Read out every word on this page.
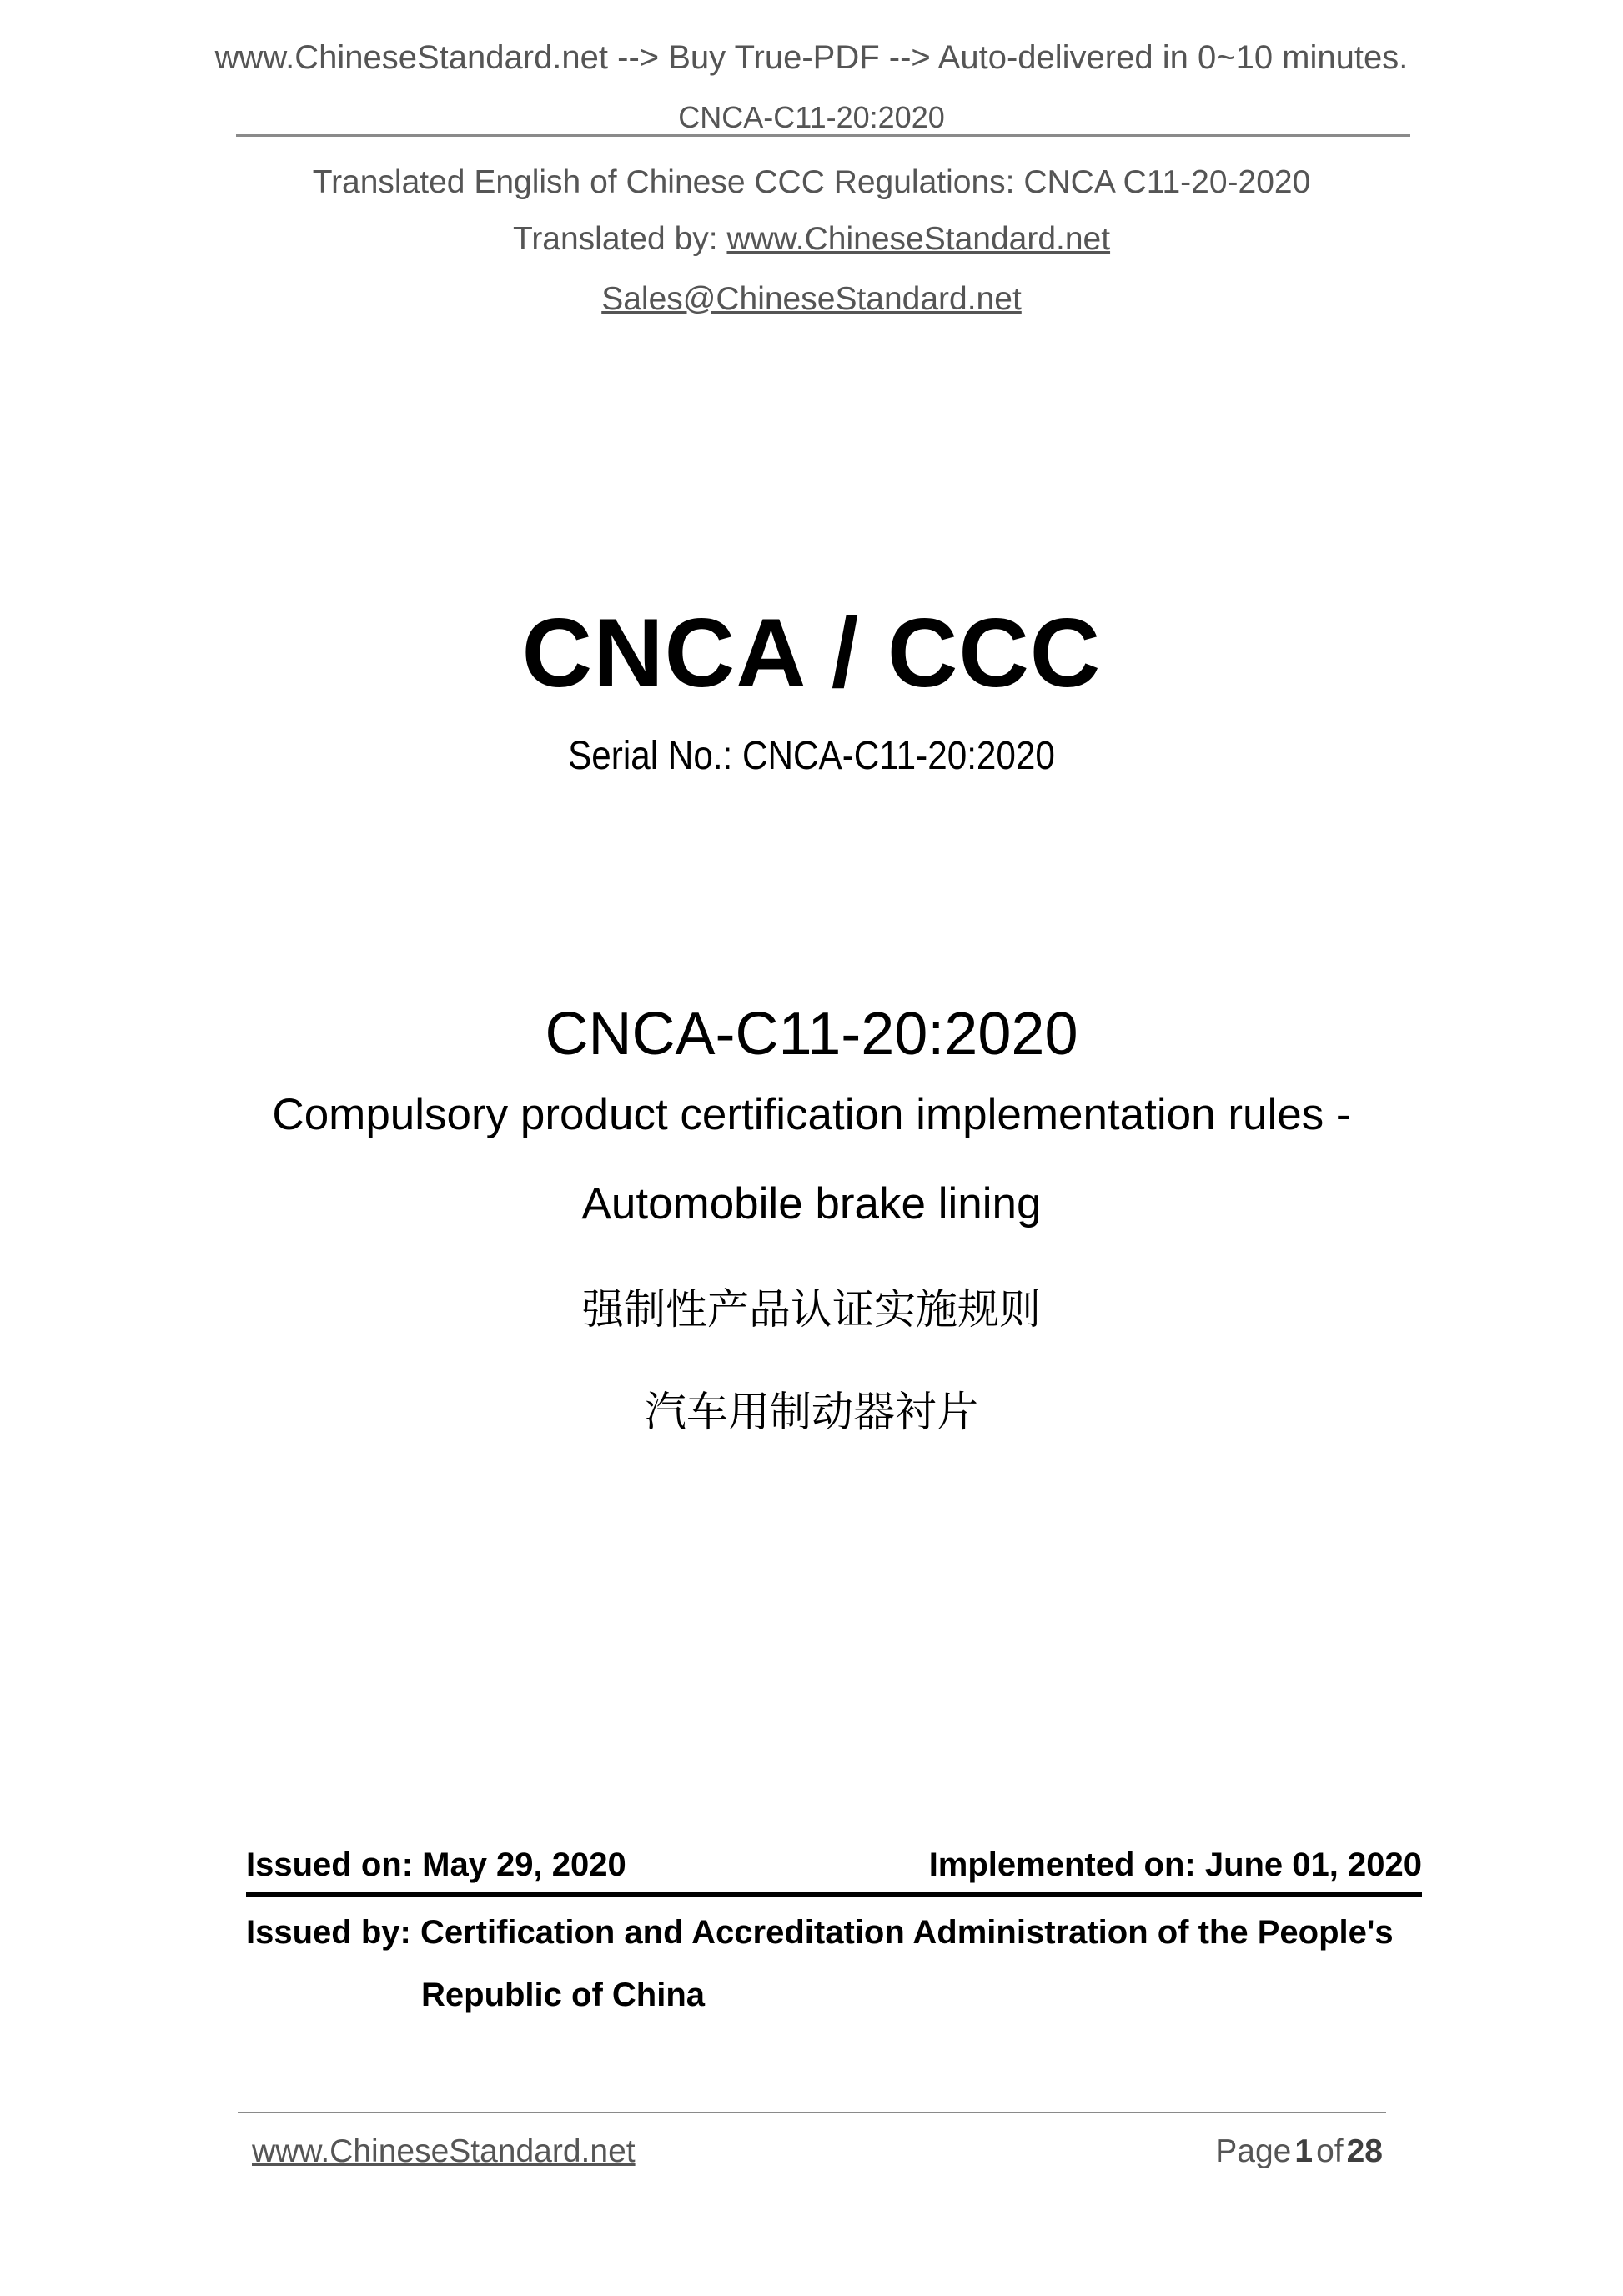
www.ChineseStandard.net --> Buy True-PDF --> Auto-delivered in 0~10 minutes.
CNCA-C11-20:2020
Translated English of Chinese CCC Regulations: CNCA C11-20-2020
Translated by: www.ChineseStandard.net
Sales@ChineseStandard.net
CNCA / CCC
Serial No.: CNCA-C11-20:2020
CNCA-C11-20:2020
Compulsory product certification implementation rules -
Automobile brake lining
强制性产品认证实施规则
汽车用制动器衬片
Issued on: May 29, 2020	Implemented on: June 01, 2020
Issued by: Certification and Accreditation Administration of the People's
Republic of China
www.ChineseStandard.net	Page 1 of 28
